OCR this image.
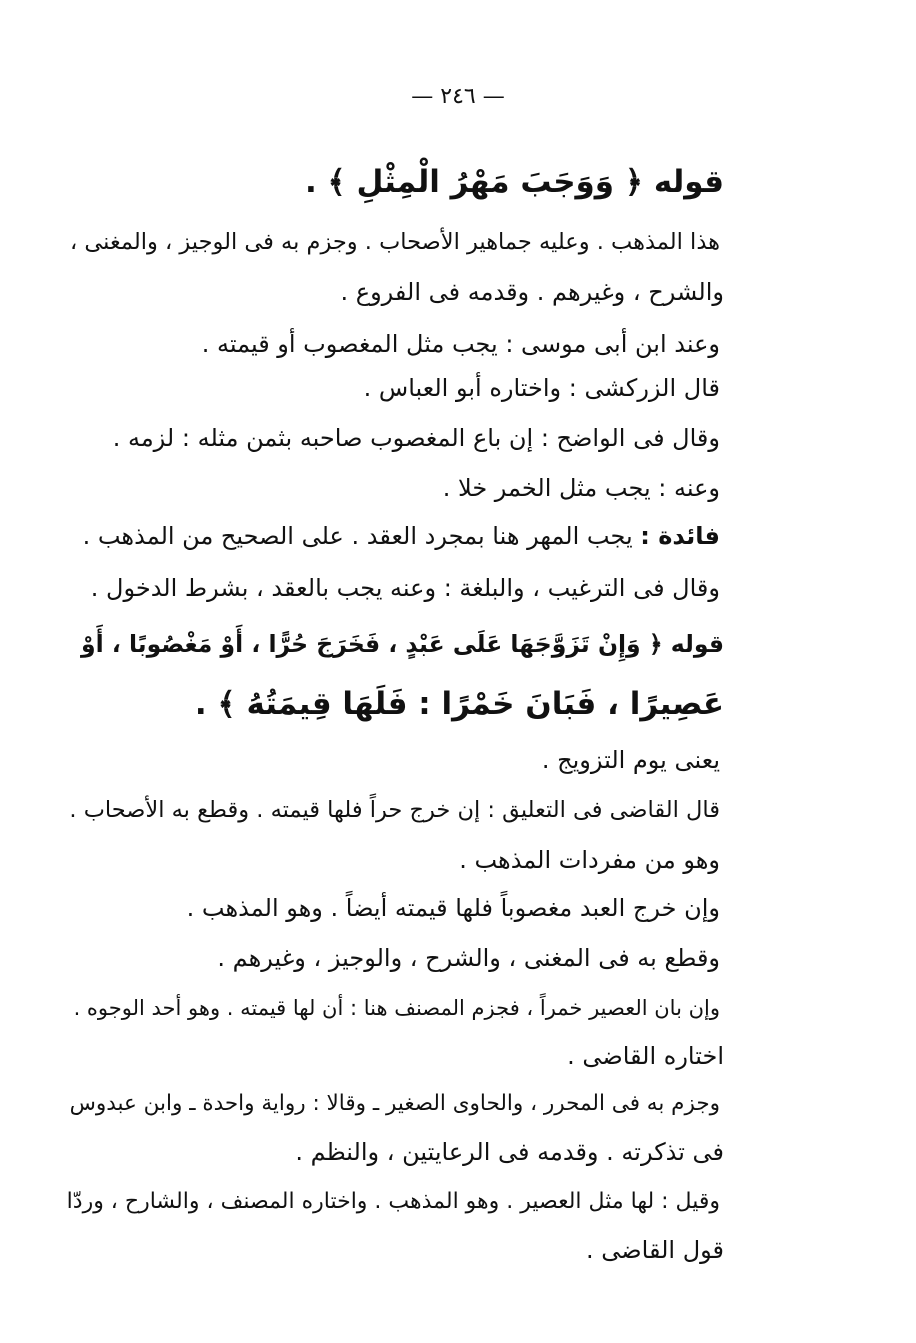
— ٢٤٦ —
قوله ﴿ وَوَجَبَ مَهْرُ الْمِثْلِ ﴾ .
هذا المذهب . وعليه جماهير الأصحاب . وجزم به فى الوجيز ، والمغنى ،
والشرح ، وغيرهم . وقدمه فى الفروع .
وعند ابن أبى موسى : يجب مثل المغصوب أو قيمته .
قال الزركشى : واختاره أبو العباس .
وقال فى الواضح : إن باع المغصوب صاحبه بثمن مثله : لزمه .
وعنه : يجب مثل الخمر خلا .
فائدة : يجب المهر هنا بمجرد العقد . على الصحيح من المذهب .
وقال فى الترغيب ، والبلغة : وعنه يجب بالعقد ، بشرط الدخول .
قوله ﴿ وَإِنْ تَزَوَّجَهَا عَلَى عَبْدٍ ، فَخَرَجَ حُرًّا ، أَوْ مَغْصُوبًا ، أَوْ
عَصِيرًا ، فَبَانَ خَمْرًا : فَلَهَا قِيمَتُهُ ﴾ .
يعنى يوم التزويج .
قال القاضى فى التعليق : إن خرج حراً فلها قيمته . وقطع به الأصحاب .
وهو من مفردات المذهب .
وإن خرج العبد مغصوباً فلها قيمته أيضاً . وهو المذهب .
وقطع به فى المغنى ، والشرح ، والوجيز ، وغيرهم .
وإن بان العصير خمراً ، فجزم المصنف هنا : أن لها قيمته . وهو أحد الوجوه .
اختاره القاضى .
وجزم به فى المحرر ، والحاوى الصغير ـ وقالا : رواية واحدة ـ وابن عبدوس
فى تذكرته . وقدمه فى الرعايتين ، والنظم .
وقيل : لها مثل العصير . وهو المذهب . واختاره المصنف ، والشارح ، وردّا
قول القاضى .
